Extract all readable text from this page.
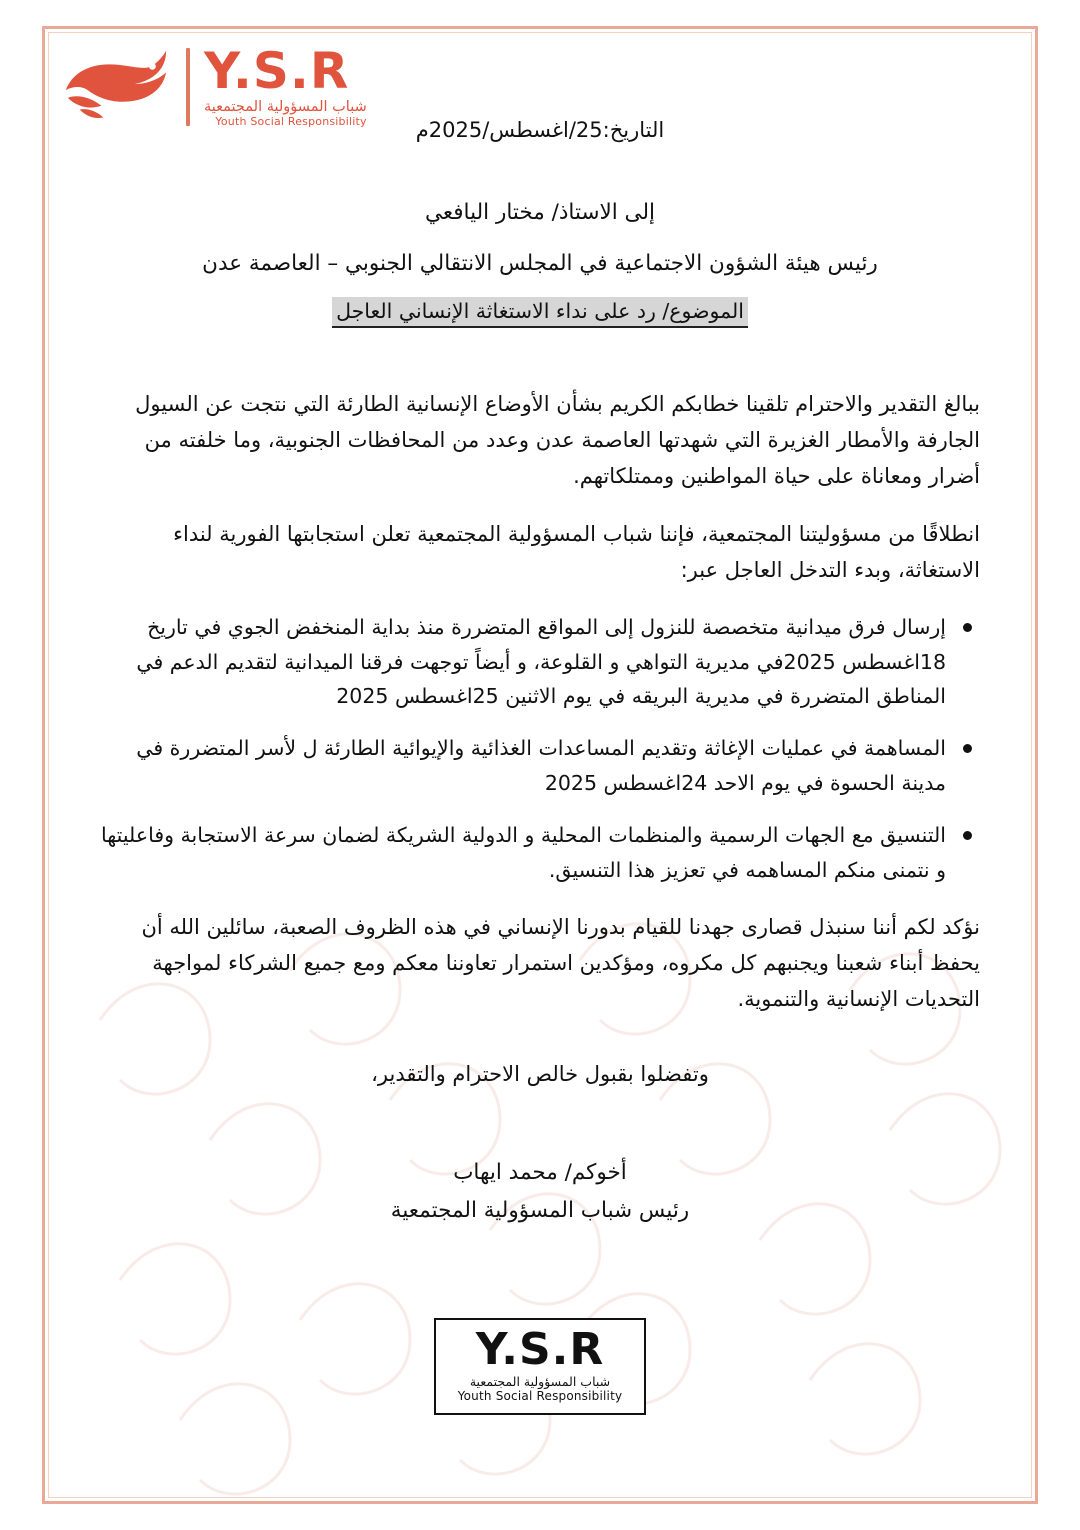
Y.S.R
شباب المسؤولية المجتمعية
Youth Social Responsibility	التاريخ:25/اغسطس/2025م
إلى الاستاذ/ مختار اليافعي
رئيس هيئة الشؤون الاجتماعية في المجلس الانتقالي الجنوبي – العاصمة عدن
الموضوع/ رد على نداء الاستغاثة الإنساني العاجل

ببالغ التقدير والاحترام تلقينا خطابكم الكريم بشأن الأوضاع الإنسانية الطارئة التي نتجت عن السيول الجارفة والأمطار الغزيرة التي شهدتها العاصمة عدن وعدد من المحافظات الجنوبية، وما خلفته من أضرار ومعاناة على حياة المواطنين وممتلكاتهم.

انطلاقًا من مسؤوليتنا المجتمعية، فإننا شباب المسؤولية المجتمعية تعلن استجابتها الفورية لنداء الاستغاثة، وبدء التدخل العاجل عبر:

إرسال فرق ميدانية متخصصة للنزول إلى المواقع المتضررة منذ بداية المنخفض الجوي في تاريخ 18اغسطس 2025في مديرية التواهي و القلوعة، و أيضاً توجهت فرقنا الميدانية لتقديم الدعم في المناطق المتضررة في مديرية البريقه في يوم الاثنين 25اغسطس 2025
المساهمة في عمليات الإغاثة وتقديم المساعدات الغذائية والإيوائية الطارئة ل لأسر المتضررة في مدينة الحسوة في يوم الاحد 24اغسطس 2025
التنسيق مع الجهات الرسمية والمنظمات المحلية و الدولية الشريكة لضمان سرعة الاستجابة وفاعليتها و نتمنى منكم المساهمه في تعزيز هذا التنسيق.

نؤكد لكم أننا سنبذل قصارى جهدنا للقيام بدورنا الإنساني في هذه الظروف الصعبة، سائلين الله أن يحفظ أبناء شعبنا ويجنبهم كل مكروه، ومؤكدين استمرار تعاوننا معكم ومع جميع الشركاء لمواجهة التحديات الإنسانية والتنموية.

وتفضلوا بقبول خالص الاحترام والتقدير،
أخوكم/ محمد ايهاب
رئيس شباب المسؤولية المجتمعية
Y.S.R
شباب المسؤولية المجتمعية
Youth Social Responsibility
